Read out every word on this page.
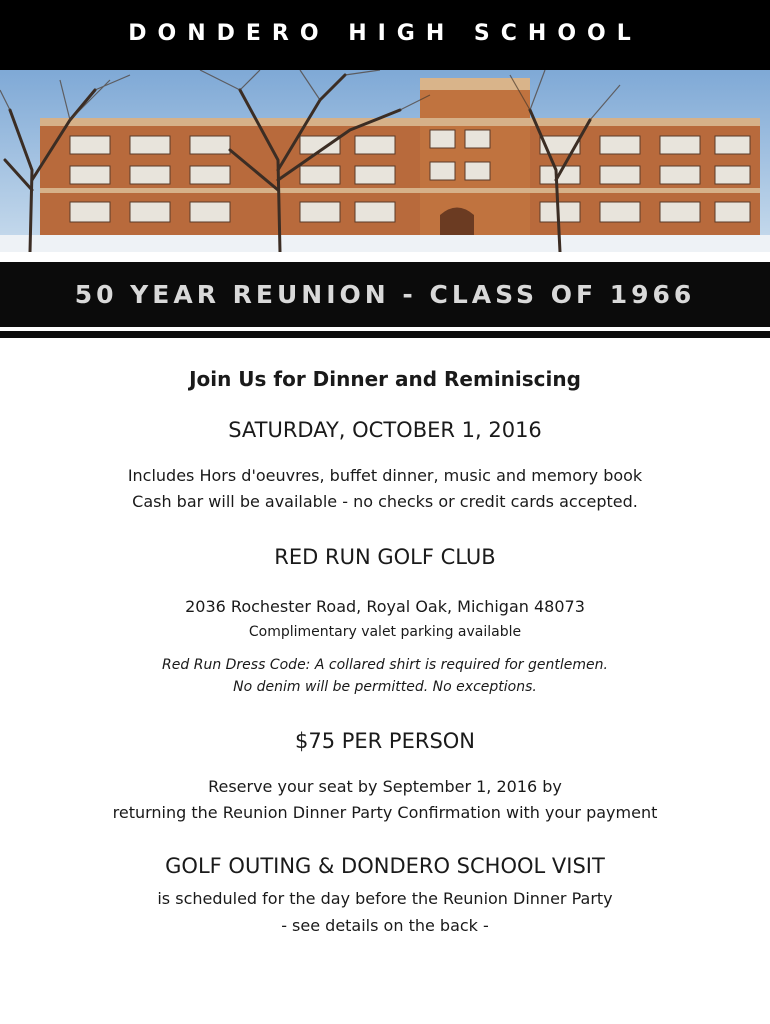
DONDERO HIGH SCHOOL
50 YEAR REUNION - CLASS OF 1966
Join Us for Dinner and Reminiscing
SATURDAY, OCTOBER 1, 2016
Includes Hors d'oeuvres, buffet dinner, music and memory book
Cash bar will be available - no checks or credit cards accepted.
RED RUN GOLF CLUB
2036 Rochester Road, Royal Oak, Michigan 48073
Complimentary valet parking available
Red Run Dress Code: A collared shirt is required for gentlemen.
No denim will be permitted. No exceptions.
$75 PER PERSON
Reserve your seat by September 1, 2016 by
returning the Reunion Dinner Party Confirmation with your payment
GOLF OUTING & DONDERO SCHOOL VISIT
is scheduled for the day before the Reunion Dinner Party
- see details on the back -
